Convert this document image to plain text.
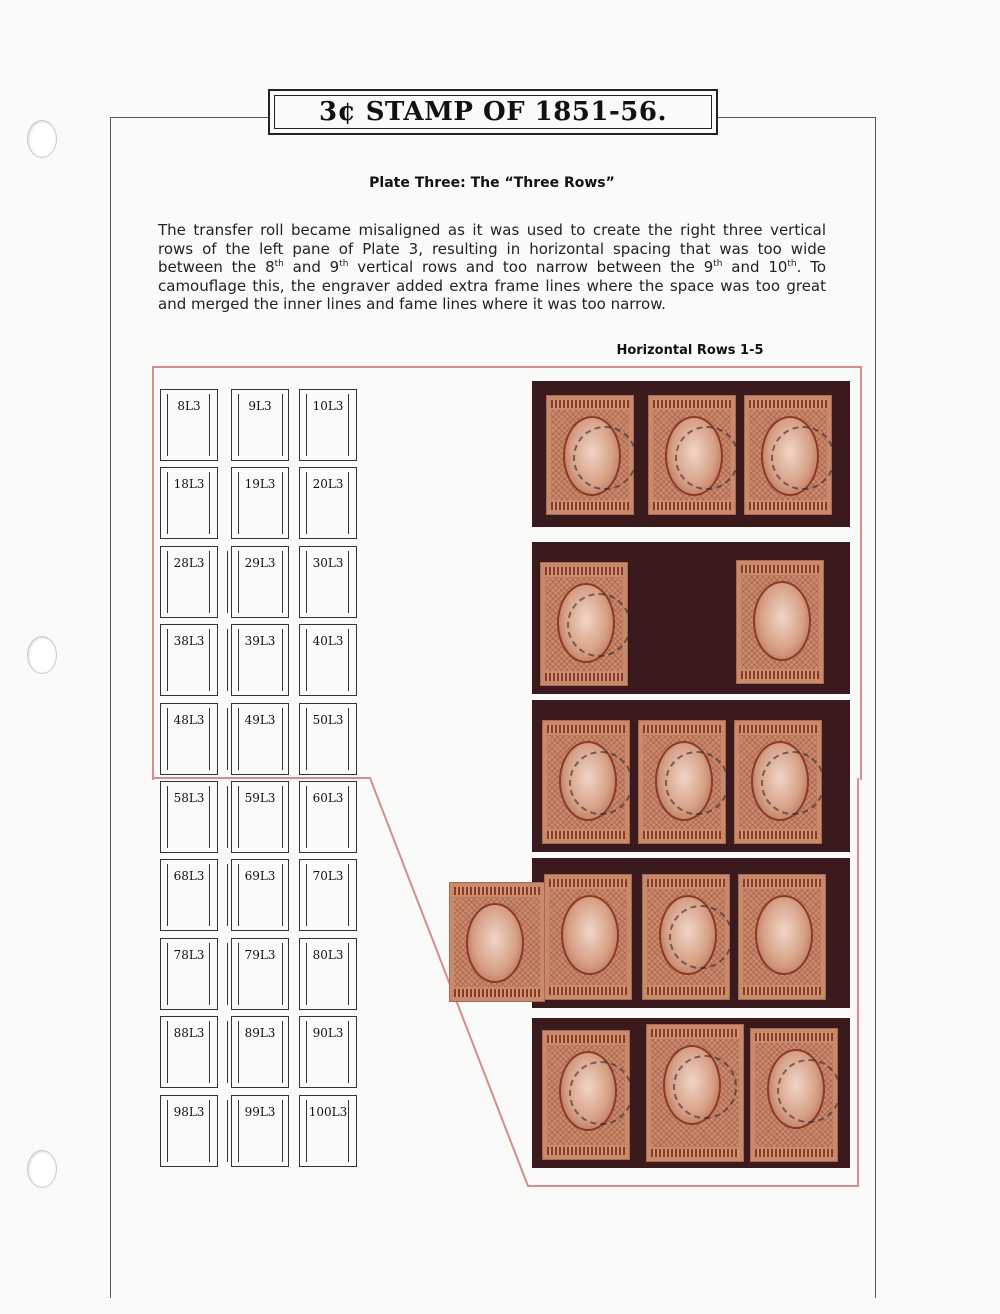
3¢ STAMP OF 1851-56.
Plate Three: The “Three Rows”
The transfer roll became misaligned as it was used to create the right three vertical rows of the left pane of Plate 3, resulting in horizontal spacing that was too wide between the 8th and 9th vertical rows and too narrow between the 9th and 10th. To camouflage this, the engraver added extra frame lines where the space was too great and merged the inner lines and fame lines where it was too narrow.
Horizontal Rows 1-5
8L3	9L3	10L3
18L3	19L3	20L3
28L3	29L3	30L3
38L3	39L3	40L3
48L3	49L3	50L3
58L3	59L3	60L3
68L3	69L3	70L3
78L3	79L3	80L3
88L3	89L3	90L3
98L3	99L3	100L3
